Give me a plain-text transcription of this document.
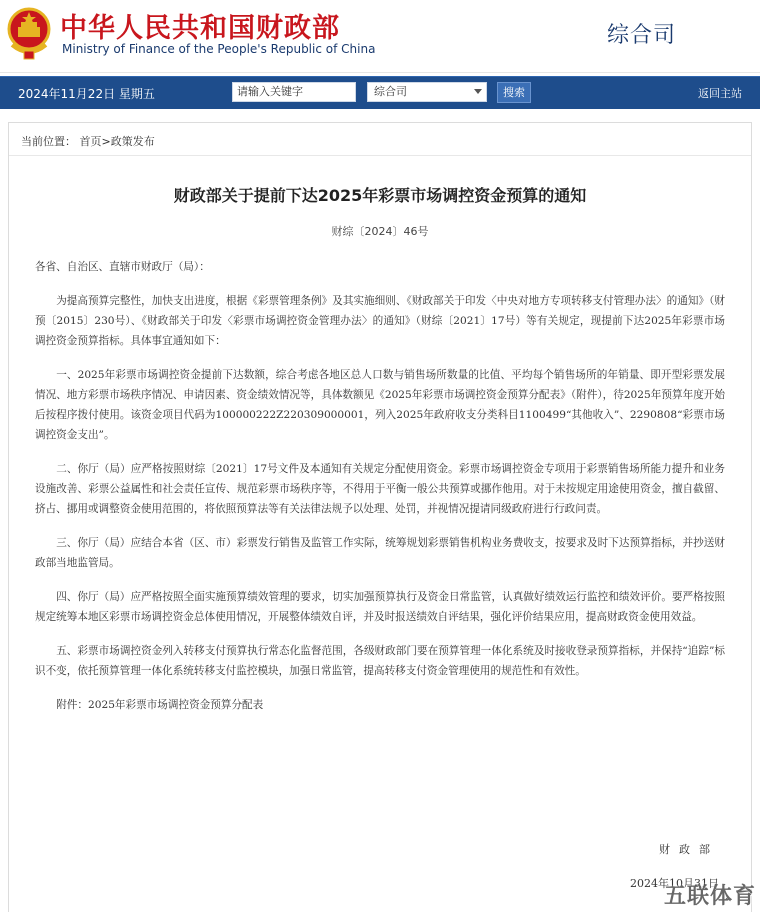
中华人民共和国财政部
Ministry of Finance of the People's Republic of China
综合司
2024年11月22日 星期五	请输入关键字	综合司	搜索	返回主站
当前位置： 首页>政策发布
财政部关于提前下达2025年彩票市场调控资金预算的通知
财综〔2024〕46号

各省、自治区、直辖市财政厅（局）：

为提高预算完整性，加快支出进度，根据《彩票管理条例》及其实施细则、《财政部关于印发〈中央对地方专项转移支付管理办法〉的通知》（财预〔2015〕230号）、《财政部关于印发〈彩票市场调控资金管理办法〉的通知》（财综〔2021〕17号）等有关规定，现提前下达2025年彩票市场调控资金预算指标。具体事宜通知如下：

一、2025年彩票市场调控资金提前下达数额，综合考虑各地区总人口数与销售场所数量的比值、平均每个销售场所的年销量、即开型彩票发展情况、地方彩票市场秩序情况、申请因素、资金绩效情况等，具体数额见《2025年彩票市场调控资金预算分配表》（附件），待2025年预算年度开始后按程序拨付使用。该资金项目代码为100000222Z220309000001，列入2025年政府收支分类科目1100499“其他收入”、2290808“彩票市场调控资金支出”。

二、你厅（局）应严格按照财综〔2021〕17号文件及本通知有关规定分配使用资金。彩票市场调控资金专项用于彩票销售场所能力提升和业务设施改善、彩票公益属性和社会责任宣传、规范彩票市场秩序等，不得用于平衡一般公共预算或挪作他用。对于未按规定用途使用资金，擅自截留、挤占、挪用或调整资金使用范围的，将依照预算法等有关法律法规予以处理、处罚，并视情况提请同级政府进行行政问责。

三、你厅（局）应结合本省（区、市）彩票发行销售及监管工作实际，统筹规划彩票销售机构业务费收支，按要求及时下达预算指标，并抄送财政部当地监管局。

四、你厅（局）应严格按照全面实施预算绩效管理的要求，切实加强预算执行及资金日常监管，认真做好绩效运行监控和绩效评价。要严格按照规定统筹本地区彩票市场调控资金总体使用情况，开展整体绩效自评，并及时报送绩效自评结果，强化评价结果应用，提高财政资金使用效益。

五、彩票市场调控资金列入转移支付预算执行常态化监督范围，各级财政部门要在预算管理一体化系统及时接收登录预算指标，并保持“追踪”标识不变，依托预算管理一体化系统转移支付监控模块，加强日常监管，提高转移支付资金管理使用的规范性和有效性。

附件：2025年彩票市场调控资金预算分配表

财政部
2024年10月31日
五联体育
